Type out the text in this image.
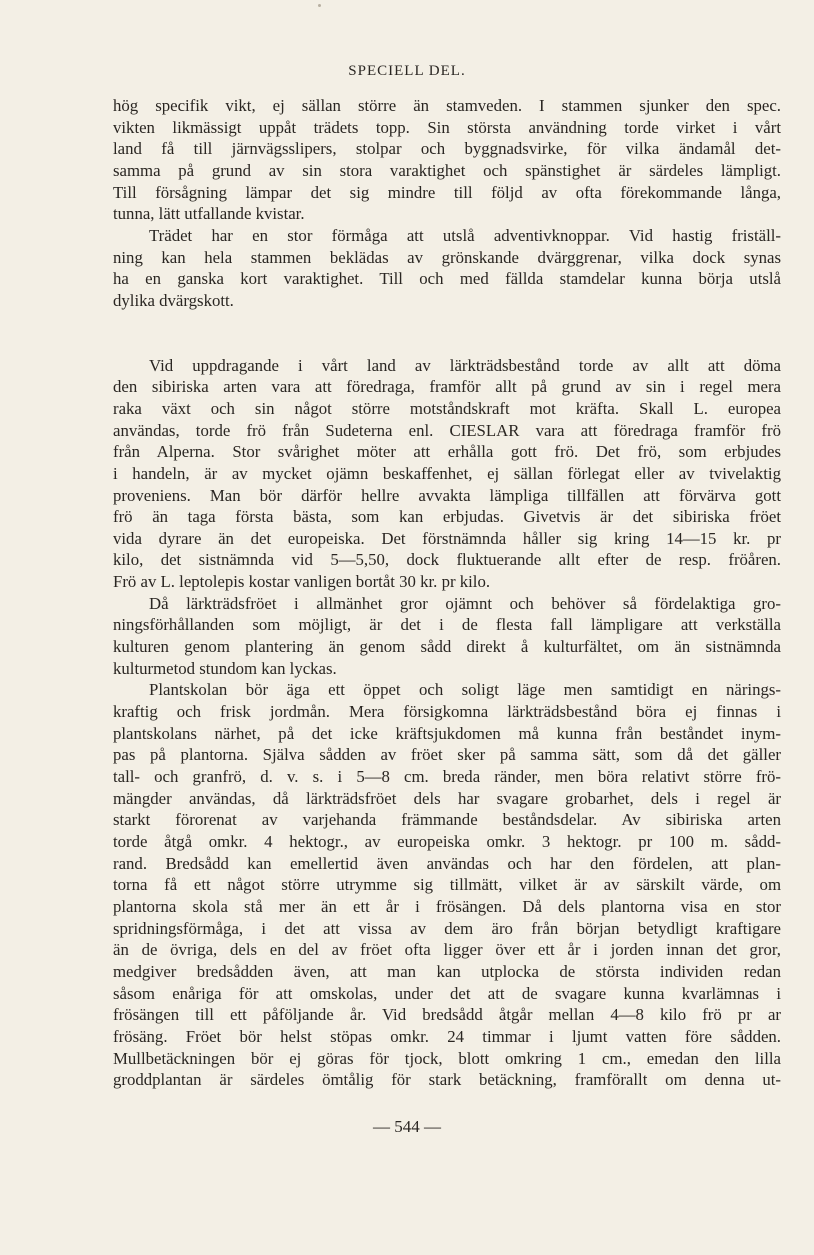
SPECIELL DEL.
hög specifik vikt, ej sällan större än stamveden. I stammen sjunker den spec.
vikten likmässigt uppåt trädets topp. Sin största användning torde virket i vårt
land få till järnvägsslipers, stolpar och byggnadsvirke, för vilka ändamål det-
samma på grund av sin stora varaktighet och spänstighet är särdeles lämpligt.
Till försågning lämpar det sig mindre till följd av ofta förekommande långa,
tunna, lätt utfallande kvistar.
Trädet har en stor förmåga att utslå adventivknoppar. Vid hastig friställ-
ning kan hela stammen beklädas av grönskande dvärggrenar, vilka dock synas
ha en ganska kort varaktighet. Till och med fällda stamdelar kunna börja utslå
dylika dvärgskott.
Vid uppdragande i vårt land av lärkträdsbestånd torde av allt att döma
den sibiriska arten vara att föredraga, framför allt på grund av sin i regel mera
raka växt och sin något större motståndskraft mot kräfta. Skall L. europea
användas, torde frö från Sudeterna enl. CIESLAR vara att föredraga framför frö
från Alperna. Stor svårighet möter att erhålla gott frö. Det frö, som erbjudes
i handeln, är av mycket ojämn beskaffenhet, ej sällan förlegat eller av tvivelaktig
proveniens. Man bör därför hellre avvakta lämpliga tillfällen att förvärva gott
frö än taga första bästa, som kan erbjudas. Givetvis är det sibiriska fröet
vida dyrare än det europeiska. Det förstnämnda håller sig kring 14—15 kr. pr
kilo, det sistnämnda vid 5—5,50, dock fluktuerande allt efter de resp. fröåren.
Frö av L. leptolepis kostar vanligen bortåt 30 kr. pr kilo.
Då lärkträdsfröet i allmänhet gror ojämnt och behöver så fördelaktiga gro-
ningsförhållanden som möjligt, är det i de flesta fall lämpligare att verkställa
kulturen genom plantering än genom sådd direkt å kulturfältet, om än sistnämnda
kulturmetod stundom kan lyckas.
Plantskolan bör äga ett öppet och soligt läge men samtidigt en närings-
kraftig och frisk jordmån. Mera försigkomna lärkträdsbestånd böra ej finnas i
plantskolans närhet, på det icke kräftsjukdomen må kunna från beståndet inym-
pas på plantorna. Själva sådden av fröet sker på samma sätt, som då det gäller
tall- och granfrö, d. v. s. i 5—8 cm. breda ränder, men böra relativt större frö-
mängder användas, då lärkträdsfröet dels har svagare grobarhet, dels i regel är
starkt förorenat av varjehanda främmande beståndsdelar. Av sibiriska arten
torde åtgå omkr. 4 hektogr., av europeiska omkr. 3 hektogr. pr 100 m. sådd-
rand. Bredsådd kan emellertid även användas och har den fördelen, att plan-
torna få ett något större utrymme sig tillmätt, vilket är av särskilt värde, om
plantorna skola stå mer än ett år i frösängen. Då dels plantorna visa en stor
spridningsförmåga, i det att vissa av dem äro från början betydligt kraftigare
än de övriga, dels en del av fröet ofta ligger över ett år i jorden innan det gror,
medgiver bredsådden även, att man kan utplocka de största individen redan
såsom enåriga för att omskolas, under det att de svagare kunna kvarlämnas i
frösängen till ett påföljande år. Vid bredsådd åtgår mellan 4—8 kilo frö pr ar
frösäng. Fröet bör helst stöpas omkr. 24 timmar i ljumt vatten före sådden.
Mullbetäckningen bör ej göras för tjock, blott omkring 1 cm., emedan den lilla
groddplantan är särdeles ömtålig för stark betäckning, framförallt om denna ut-
— 544 —
